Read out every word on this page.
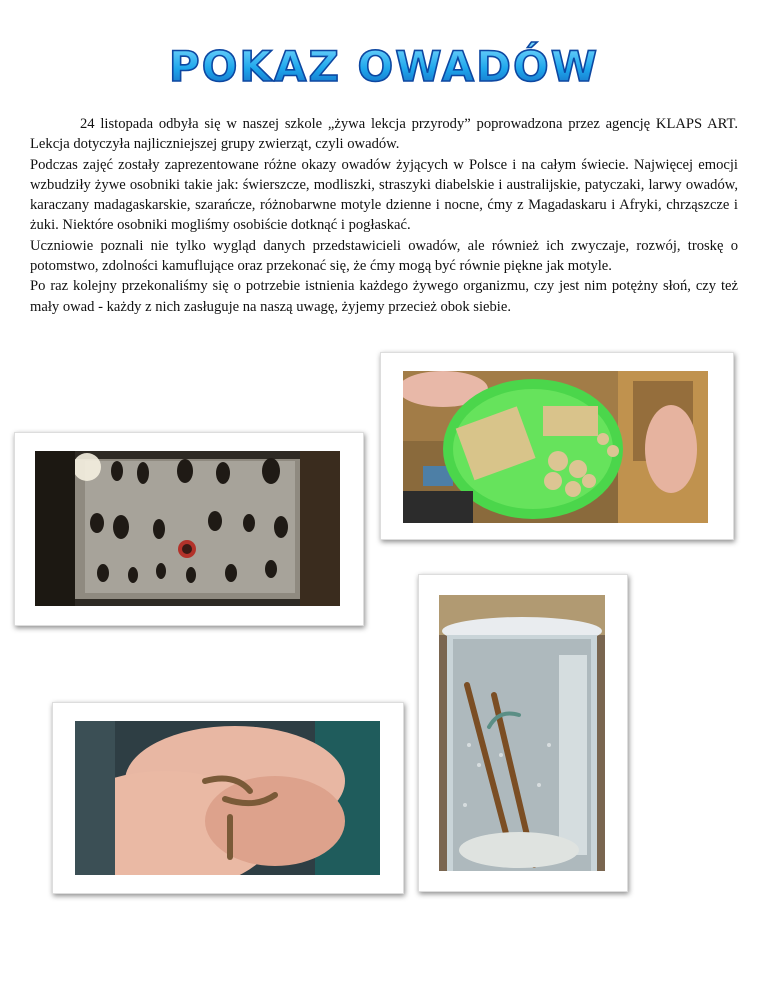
POKAZ OWADÓW

24 listopada odbyła się w naszej szkole „żywa lekcja przyrody” poprowadzona przez agencję KLAPS ART. Lekcja dotyczyła najliczniejszej grupy zwierząt, czyli owadów.

Podczas zajęć zostały zaprezentowane różne okazy owadów żyjących w Polsce i na całym świecie. Najwięcej emocji wzbudziły żywe osobniki takie jak: świerszcze, modliszki, straszyki diabelskie i australijskie, patyczaki, larwy owadów, karaczany madagaskarskie, szarańcze, różnobarwne motyle dzienne i nocne, ćmy z Magadaskaru i Afryki, chrząszcze i żuki. Niektóre osobniki mogliśmy osobiście dotknąć i pogłaskać.

Uczniowie poznali nie tylko wygląd danych przedstawicieli owadów, ale również ich zwyczaje, rozwój, troskę o potomstwo, zdolności kamuflujące oraz przekonać się, że ćmy mogą być równie piękne jak motyle.

Po raz kolejny przekonaliśmy się o potrzebie istnienia każdego żywego organizmu, czy jest nim potężny słoń, czy też mały owad - każdy z nich zasługuje na naszą uwagę, żyjemy przecież obok siebie.
